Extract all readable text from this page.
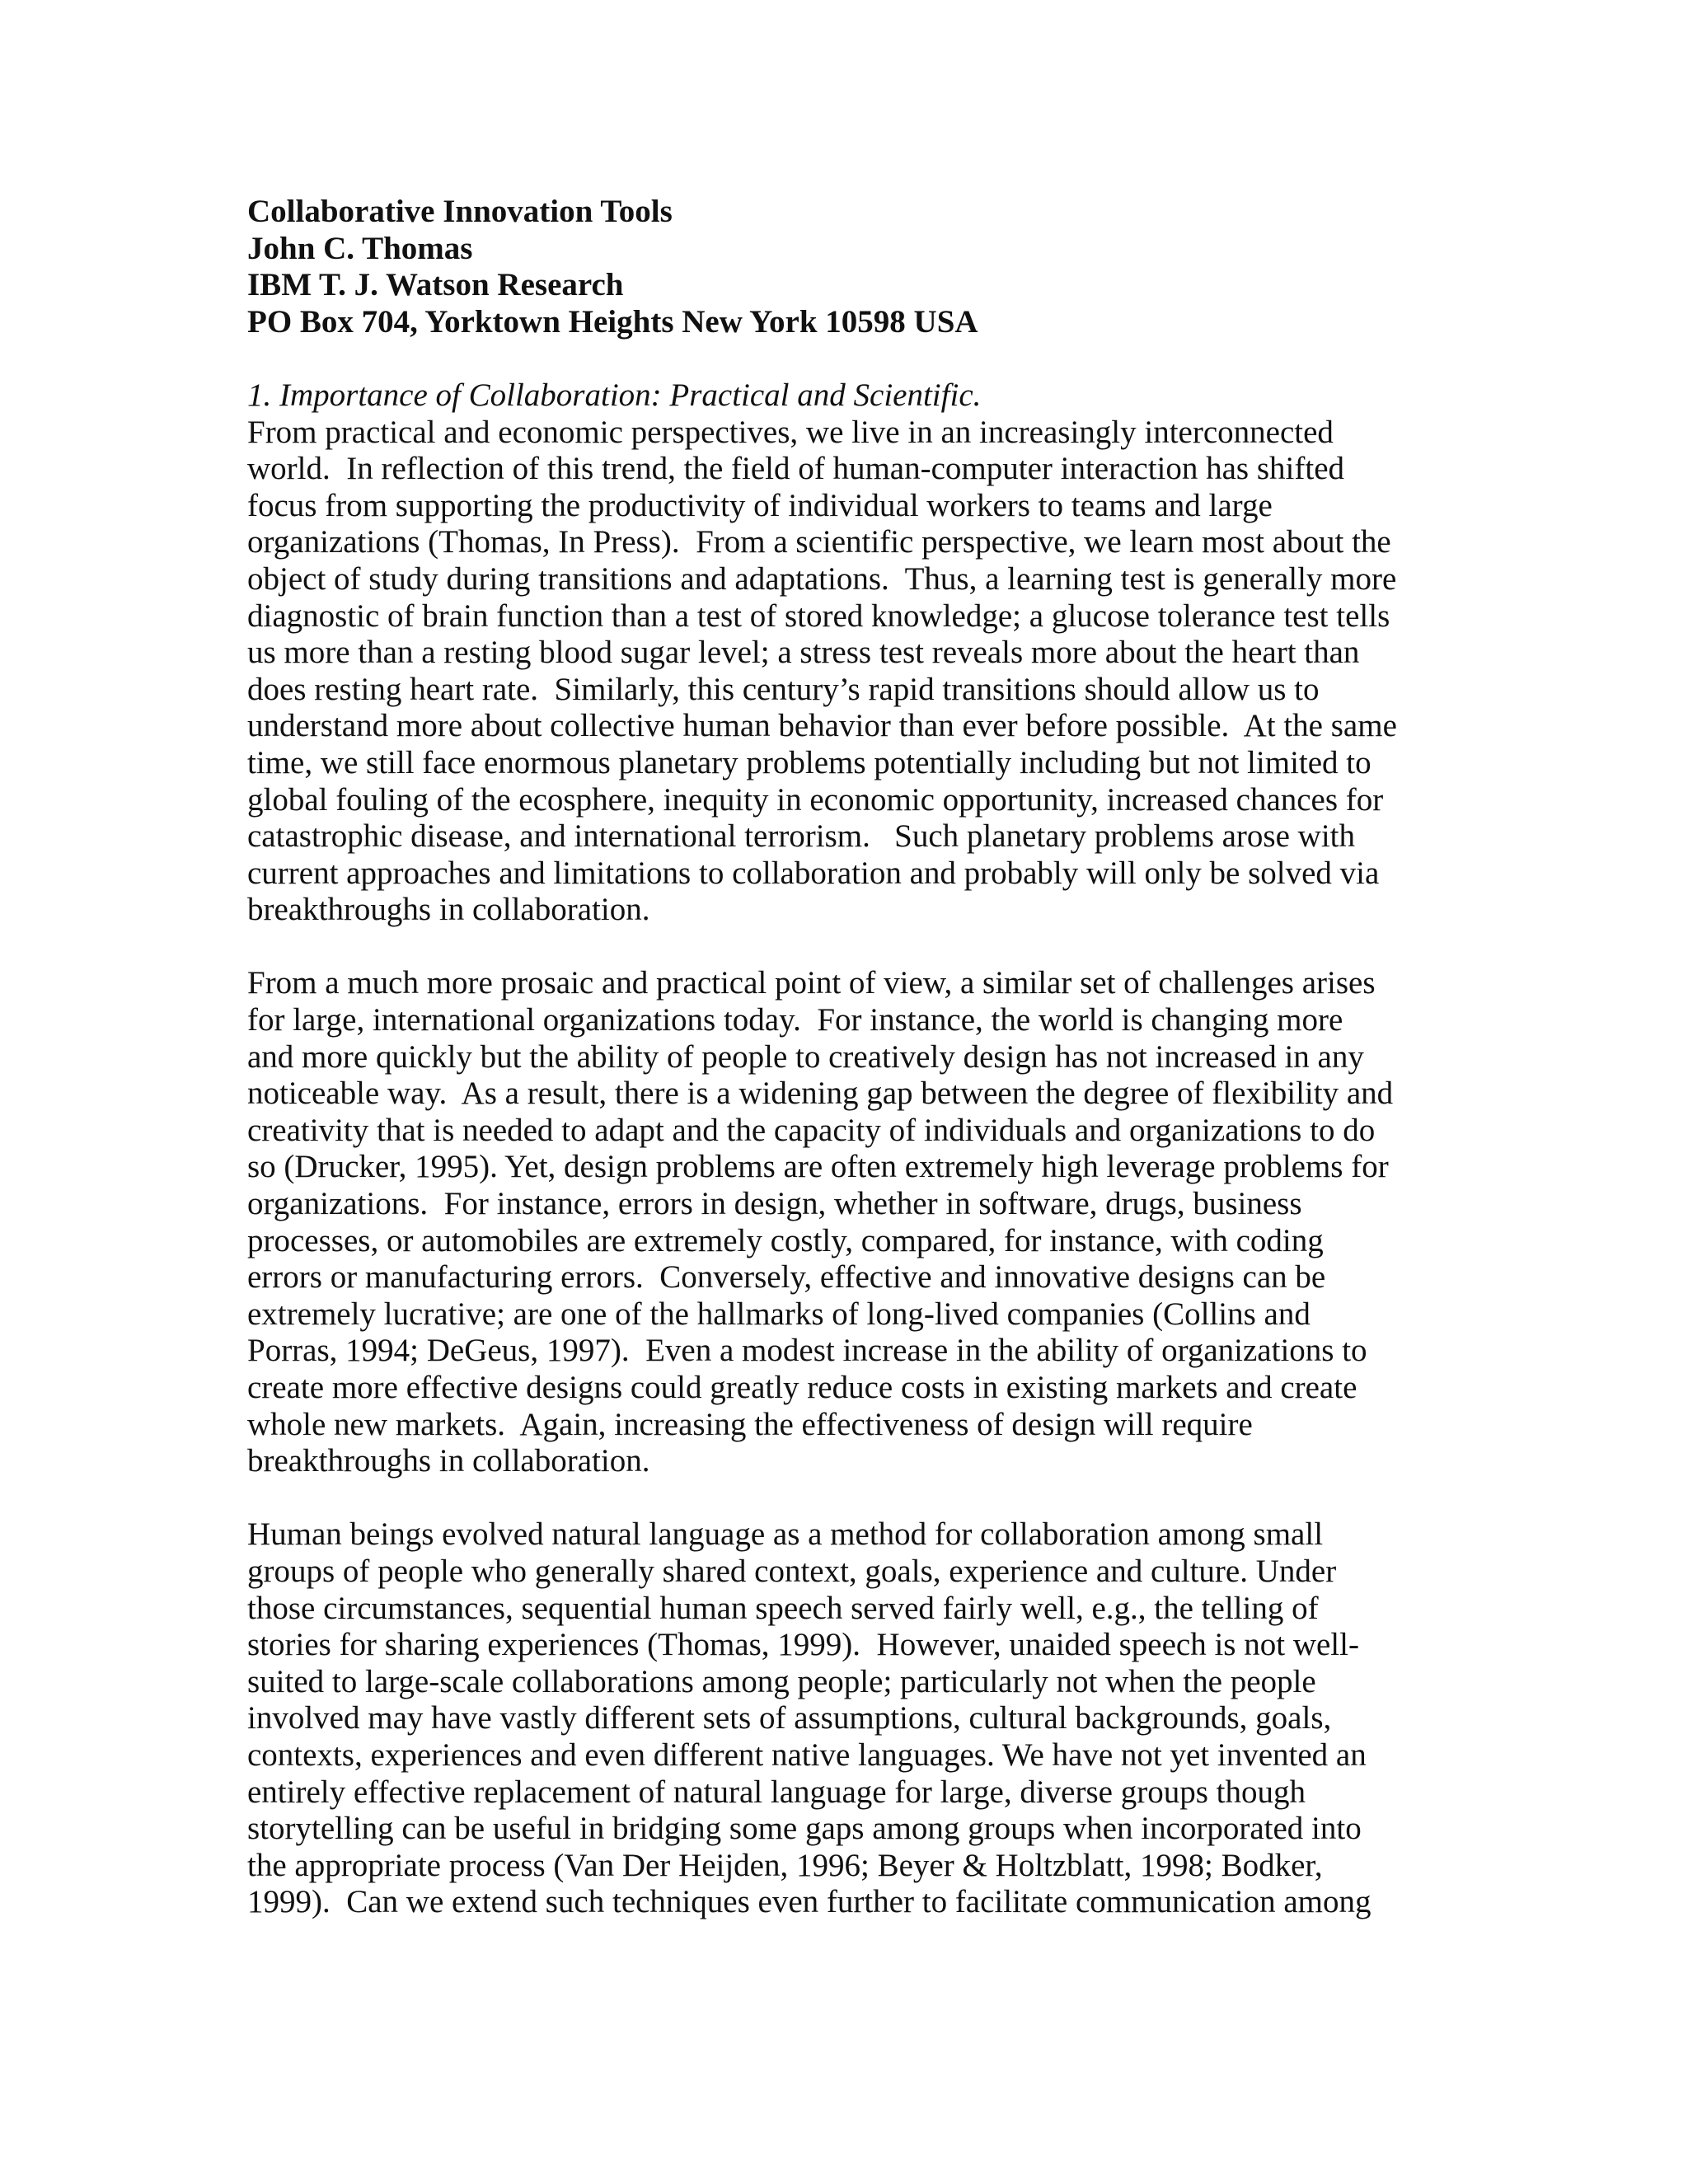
Collaborative Innovation Tools
John C. Thomas
IBM T. J. Watson Research
PO Box 704, Yorktown Heights New York 10598 USA
1. Importance of Collaboration: Practical and Scientific.
From practical and economic perspectives, we live in an increasingly interconnected
world.  In reflection of this trend, the field of human-computer interaction has shifted
focus from supporting the productivity of individual workers to teams and large
organizations (Thomas, In Press).  From a scientific perspective, we learn most about the
object of study during transitions and adaptations.  Thus, a learning test is generally more
diagnostic of brain function than a test of stored knowledge; a glucose tolerance test tells
us more than a resting blood sugar level; a stress test reveals more about the heart than
does resting heart rate.  Similarly, this century’s rapid transitions should allow us to
understand more about collective human behavior than ever before possible.  At the same
time, we still face enormous planetary problems potentially including but not limited to
global fouling of the ecosphere, inequity in economic opportunity, increased chances for
catastrophic disease, and international terrorism.   Such planetary problems arose with
current approaches and limitations to collaboration and probably will only be solved via
breakthroughs in collaboration.
From a much more prosaic and practical point of view, a similar set of challenges arises
for large, international organizations today.  For instance, the world is changing more
and more quickly but the ability of people to creatively design has not increased in any
noticeable way.  As a result, there is a widening gap between the degree of flexibility and
creativity that is needed to adapt and the capacity of individuals and organizations to do
so (Drucker, 1995). Yet, design problems are often extremely high leverage problems for
organizations.  For instance, errors in design, whether in software, drugs, business
processes, or automobiles are extremely costly, compared, for instance, with coding
errors or manufacturing errors.  Conversely, effective and innovative designs can be
extremely lucrative; are one of the hallmarks of long-lived companies (Collins and
Porras, 1994; DeGeus, 1997).  Even a modest increase in the ability of organizations to
create more effective designs could greatly reduce costs in existing markets and create
whole new markets.  Again, increasing the effectiveness of design will require
breakthroughs in collaboration.
Human beings evolved natural language as a method for collaboration among small
groups of people who generally shared context, goals, experience and culture. Under
those circumstances, sequential human speech served fairly well, e.g., the telling of
stories for sharing experiences (Thomas, 1999).  However, unaided speech is not well-
suited to large-scale collaborations among people; particularly not when the people
involved may have vastly different sets of assumptions, cultural backgrounds, goals,
contexts, experiences and even different native languages. We have not yet invented an
entirely effective replacement of natural language for large, diverse groups though
storytelling can be useful in bridging some gaps among groups when incorporated into
the appropriate process (Van Der Heijden, 1996; Beyer & Holtzblatt, 1998; Bodker,
1999).  Can we extend such techniques even further to facilitate communication among
